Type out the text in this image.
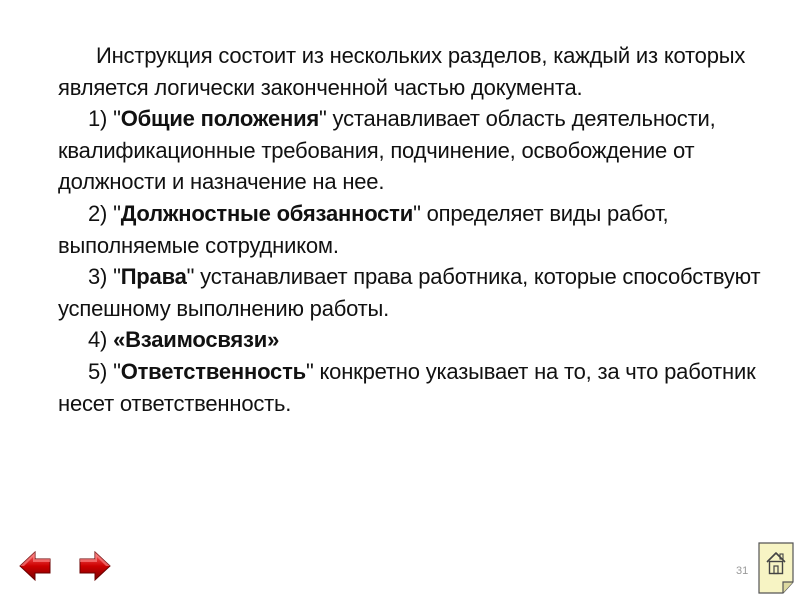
Инструкция состоит из нескольких разделов, каждый из которых является логически законченной частью документа.

1) "Общие положения" устанавливает область деятельности, квалификационные требования, подчинение, освобождение от должности и назначение на нее.

2) "Должностные обязанности" определяет виды работ, выполняемые сотрудником.

3) "Права" устанавливает права работника, которые способствуют успешному выполнению работы.

4) «Взаимосвязи»

5) "Ответственность" конкретно указывает на то, за что работник несет ответственность.

31
